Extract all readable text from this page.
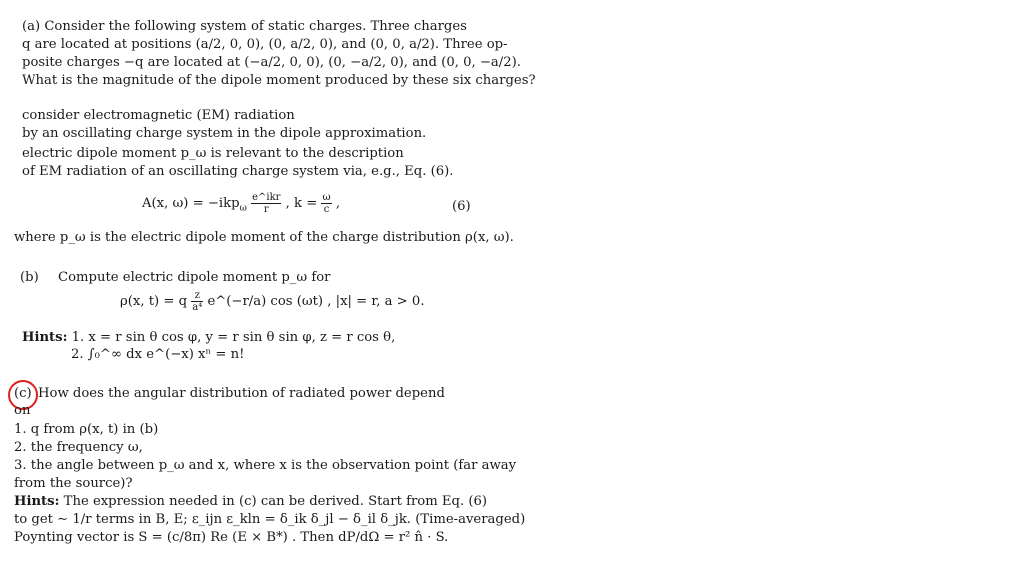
(a) Consider the following system of static charges. Three charges
q are located at positions (a/2, 0, 0), (0, a/2, 0), and (0, 0, a/2). Three op-
posite charges −q are located at (−a/2, 0, 0), (0, −a/2, 0), and (0, 0, −a/2).
What is the magnitude of the dipole moment produced by these six charges?
consider electromagnetic (EM) radiation
by an oscillating charge system in the dipole approximation.
electric dipole moment p_ω is relevant to the description
of EM radiation of an oscillating charge system via, e.g., Eq. (6).
A(x, $\omega) = -ikp_\omega \frac{\text{e\textasciicircum{}ikr}}{r}$ , $k = \frac{\omega}{c}$ ,	(6)
where p_ω is the electric dipole moment of the charge distribution ρ(x, ω).
(b) Compute electric dipole moment p_ω for
ρ(x, t) = q $\frac{z}{\text{a⁴}}$ e^(−r/a) cos (ωt) , |x| = r, a > 0.
Hints: 1. x = r sin θ cos φ, y = r sin θ sin φ, z = r cos θ,
2. ∫₀^∞ dx e^(−x) xⁿ = n!
(c) How does the angular distribution of radiated power depend
on
1. q from ρ(x, t) in (b)
2. the frequency ω,
3. the angle between p_ω and x, where x is the observation point (far away
from the source)?
Hints: The expression needed in (c) can be derived. Start from Eq. (6)
to get ∼ 1/r terms in B, E; ε_ijn ε_kln = δ_ik δ_jl − δ_il δ_jk. (Time-averaged)
Poynting vector is S = (c/8π) Re (E × B*) . Then dP/dΩ = r² n̂ · S.
